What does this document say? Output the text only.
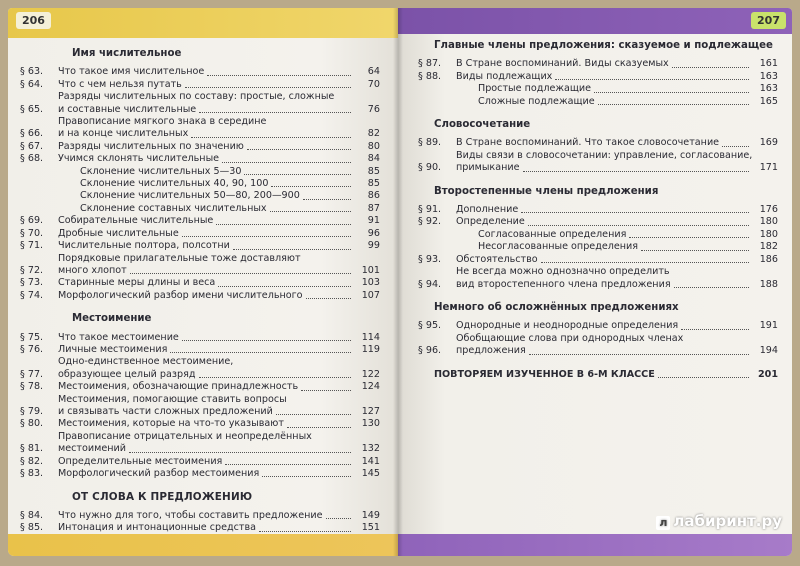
206
Имя числительное
§ 63.	Что такое имя числительное	64
§ 64.	Что с чем нельзя путать	70
§ 65.
Разряды числительных по составу: простые, сложные
и составные числительные	76
§ 66.
Правописание мягкого знака в середине
и на конце числительных	82
§ 67.	Разряды числительных по значению	80
§ 68.	Учимся склонять числительные	84
Склонение числительных 5—30	85
Склонение числительных 40, 90, 100	85
Склонение числительных 50—80, 200—900	86
Склонение составных числительных	87
§ 69.	Собирательные числительные	91
§ 70.	Дробные числительные	96
§ 71.	Числительные полтора, полсотни	99
§ 72.
Порядковые прилагательные тоже доставляют
много хлопот	101
§ 73.	Старинные меры длины и веса	103
§ 74.	Морфологический разбор имени числительного	107
Местоимение
§ 75.	Что такое местоимение	114
§ 76.	Личные местоимения	119
§ 77.
Одно-единственное местоимение,
образующее целый разряд	122
§ 78.	Местоимения, обозначающие принадлежность	124
§ 79.
Местоимения, помогающие ставить вопросы
и связывать части сложных предложений	127
§ 80.	Местоимения, которые на что-то указывают	130
§ 81.
Правописание отрицательных и неопределённых
местоимений	132
§ 82.	Определительные местоимения	141
§ 83.	Морфологический разбор местоимения	145
ОТ СЛОВА К ПРЕДЛОЖЕНИЮ
§ 84.	Что нужно для того, чтобы составить предложение	149
§ 85.	Интонация и интонационные средства	151
207
Главные члены предложения: сказуемое и подлежащее
§ 87.	В Стране воспоминаний. Виды сказуемых	161
§ 88.	Виды подлежащих	163
Простые подлежащие	163
Сложные подлежащие	165
Словосочетание
§ 89.	В Стране воспоминаний. Что такое словосочетание	169
§ 90.
Виды связи в словосочетании: управление, согласование,
примыкание	171
Второстепенные члены предложения
§ 91.	Дополнение	176
§ 92.	Определение	180
Согласованные определения	180
Несогласованные определения	182
§ 93.	Обстоятельство	186
§ 94.
Не всегда можно однозначно определить
вид второстепенного члена предложения	188
Немного об осложнённых предложениях
§ 95.	Однородные и неоднородные определения	191
§ 96.
Обобщающие слова при однородных членах
предложения	194
ПОВТОРЯЕМ ИЗУЧЕННОЕ В 6-М КЛАССЕ	201
л лабиринт.ру
